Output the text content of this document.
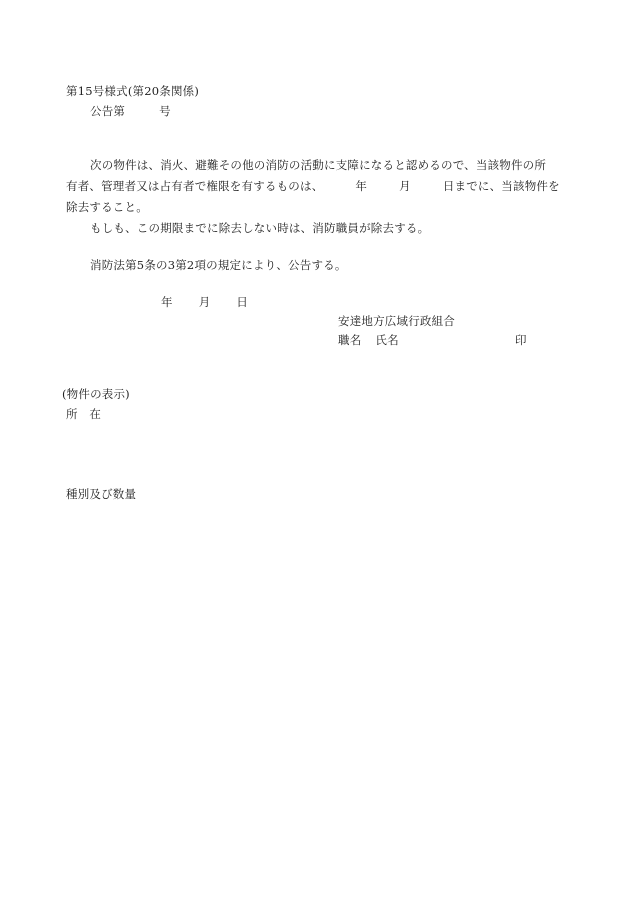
第15号様式(第20条関係)
公告第	号
次の物件は、消火、避難その他の消防の活動に支障になると認めるので、当該物件の所
有者、管理者又は占有者で権限を有するものは、	年	月	日までに、当該物件を
除去すること。
もしも、この期限までに除去しない時は、消防職員が除去する。
消防法第5条の3第2項の規定により、公告する。
年 月 日
安達地方広域行政組合
職名 氏名	印
(物件の表示)
所　在
種別及び数量
